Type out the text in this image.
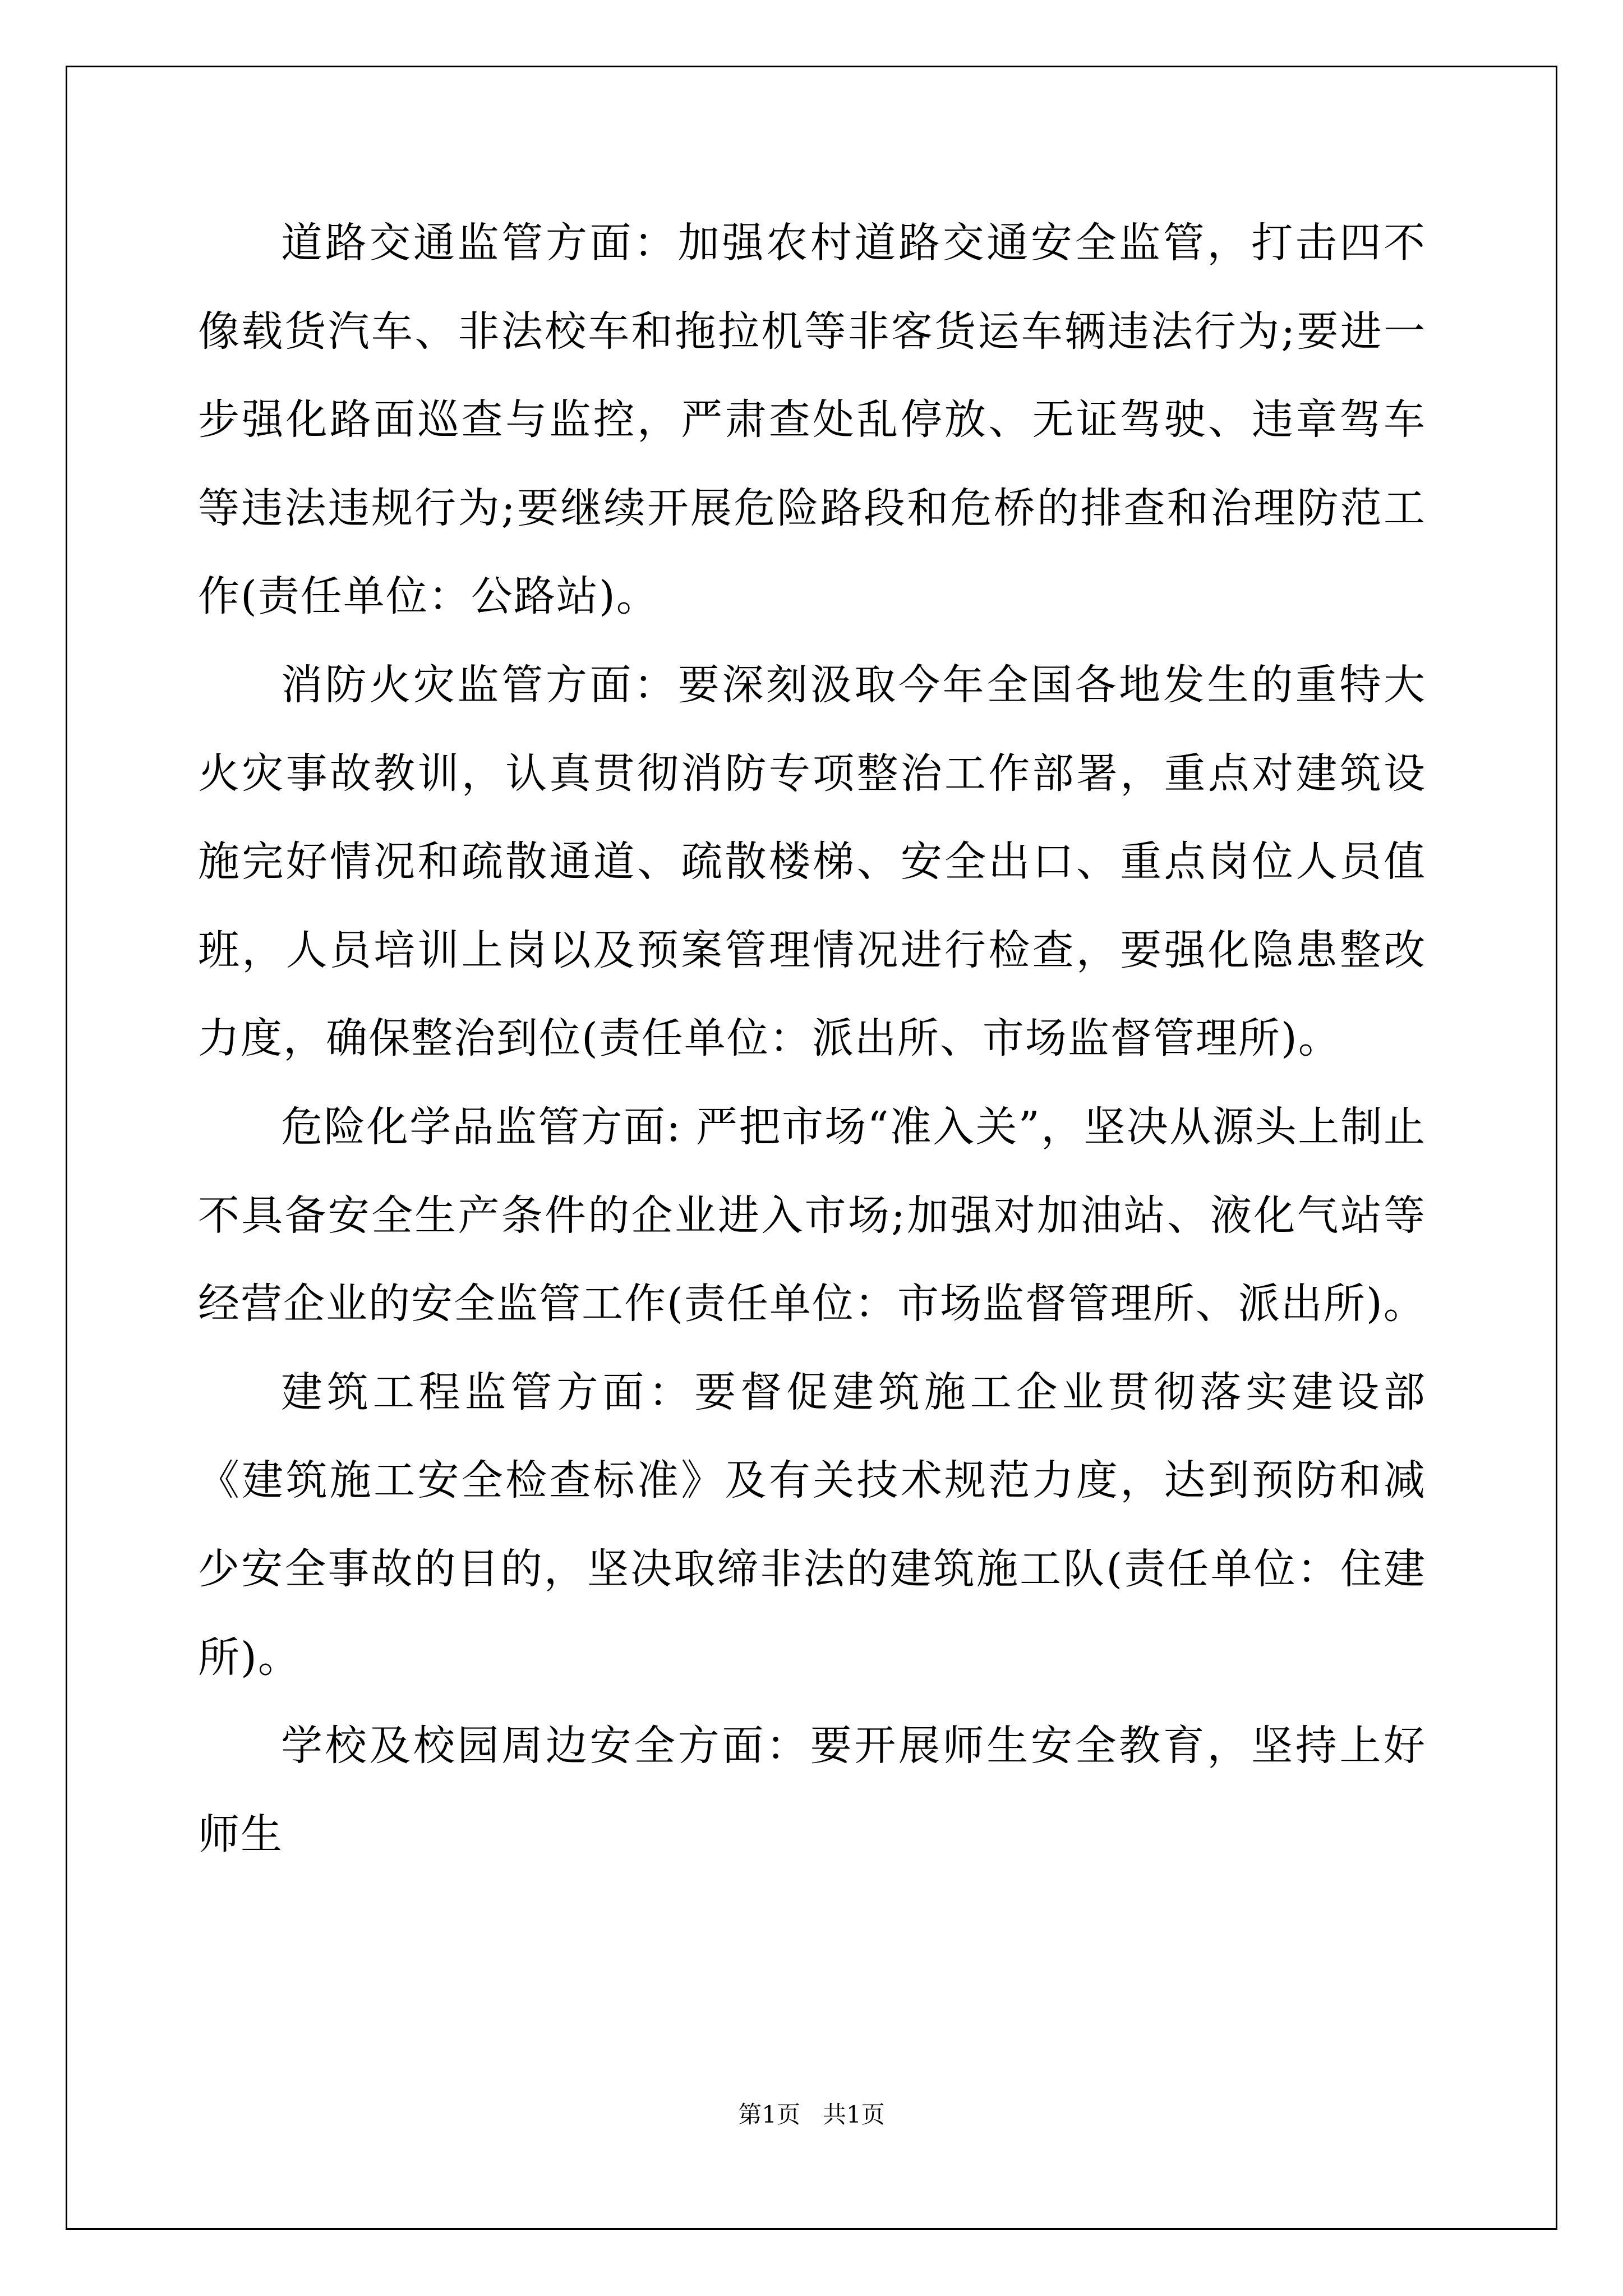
道路交通监管方面：加强农村道路交通安全监管，打击四不像载货汽车、非法校车和拖拉机等非客货运车辆违法行为;要进一步强化路面巡查与监控，严肃查处乱停放、无证驾驶、违章驾车等违法违规行为;要继续开展危险路段和危桥的排查和治理防范工作(责任单位：公路站)。

消防火灾监管方面：要深刻汲取今年全国各地发生的重特大火灾事故教训，认真贯彻消防专项整治工作部署，重点对建筑设施完好情况和疏散通道、疏散楼梯、安全出口、重点岗位人员值班，人员培训上岗以及预案管理情况进行检查，要强化隐患整改力度，确保整治到位(责任单位：派出所、市场监督管理所)。

危险化学品监管方面: 严把市场“准入关”，坚决从源头上制止不具备安全生产条件的企业进入市场;加强对加油站、液化气站等经营企业的安全监管工作(责任单位：市场监督管理所、派出所)。

建筑工程监管方面：要督促建筑施工企业贯彻落实建设部《建筑施工安全检查标准》及有关技术规范力度，达到预防和减少安全事故的目的，坚决取缔非法的建筑施工队(责任单位：住建所)。

学校及校园周边安全方面：要开展师生安全教育，坚持上好师生

第1页   共1页
